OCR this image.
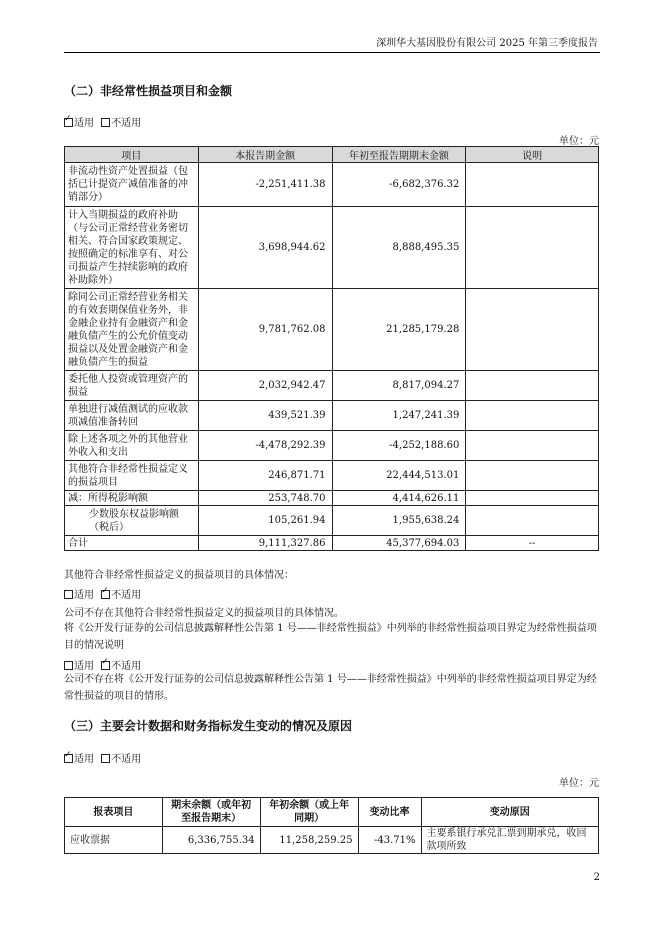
深圳华大基因股份有限公司 2025 年第三季度报告
（二）非经常性损益项目和金额
✓适用 不适用
单位：元
项目	本报告期金额	年初至报告期期末金额	说明
非流动性资产处置损益（包括已计提资产减值准备的冲销部分）	-2,251,411.38	-6,682,376.32	
计入当期损益的政府补助（与公司正常经营业务密切相关、符合国家政策规定、按照确定的标准享有、对公司损益产生持续影响的政府补助除外）	3,698,944.62	8,888,495.35	
除同公司正常经营业务相关的有效套期保值业务外，非金融企业持有金融资产和金融负债产生的公允价值变动损益以及处置金融资产和金融负债产生的损益	9,781,762.08	21,285,179.28	
委托他人投资或管理资产的损益	2,032,942.47	8,817,094.27	
单独进行减值测试的应收款项减值准备转回	439,521.39	1,247,241.39	
除上述各项之外的其他营业外收入和支出	-4,478,292.39	-4,252,188.60	
其他符合非经常性损益定义的损益项目	246,871.71	22,444,513.01	
减：所得税影响额	253,748.70	4,414,626.11	
少数股东权益影响额（税后）	105,261.94	1,955,638.24	
合计	9,111,327.86	45,377,694.03	--
其他符合非经常性损益定义的损益项目的具体情况：
适用 ✓ 不适用
公司不存在其他符合非经常性损益定义的损益项目的具体情况。
将《公开发行证券的公司信息披露解释性公告第 1 号——非经常性损益》中列举的非经常性损益项目界定为经常性损益项目的情况说明
适用 ✓ 不适用
公司不存在将《公开发行证券的公司信息披露解释性公告第 1 号——非经常性损益》中列举的非经常性损益项目界定为经常性损益的项目的情形。
（三）主要会计数据和财务指标发生变动的情况及原因
✓适用 不适用
单位：元
报表项目	期末余额（或年初至报告期末）	年初余额（或上年同期）	变动比率	变动原因
应收票据	6,336,755.34	11,258,259.25	-43.71%	主要系银行承兑汇票到期承兑，收回款项所致
2
